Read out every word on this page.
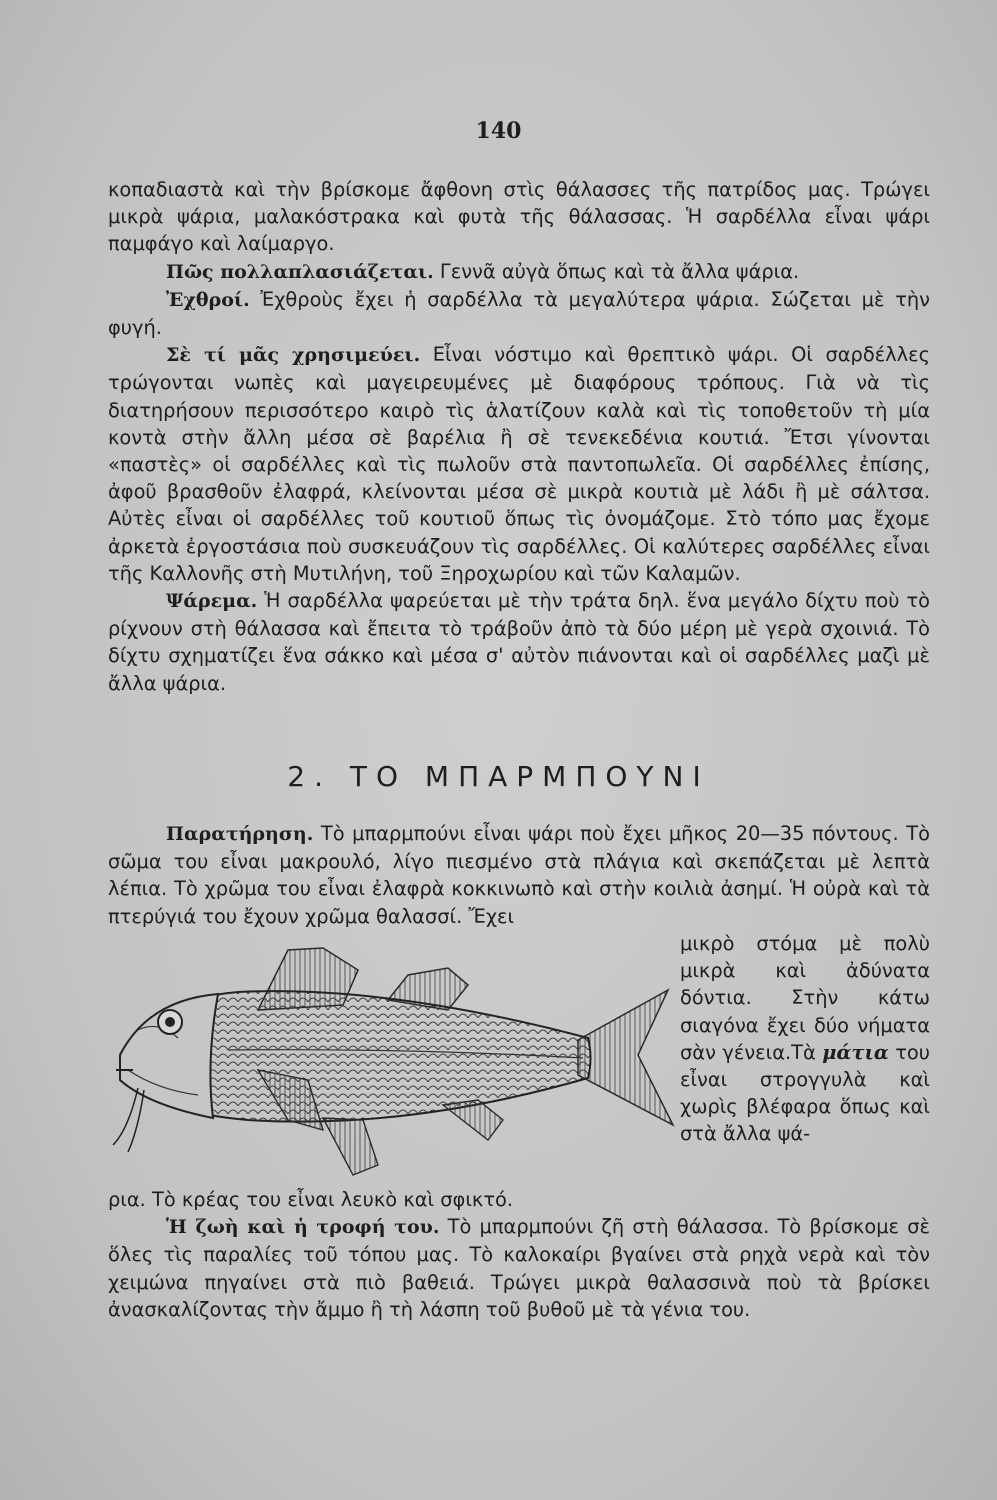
140

κοπαδιαστὰ καὶ τὴν βρίσκομε ἄφθονη στὶς θάλασσες τῆς πατρίδος μας. Τρώγει μικρὰ ψάρια, μαλακόστρακα καὶ φυτὰ τῆς θάλασσας. Ἡ σαρδέλλα εἶναι ψάρι παμφάγο καὶ λαίμαργο.

Πῶς πολλαπλασιάζεται. Γεννᾶ αὐγὰ ὅπως καὶ τὰ ἄλλα ψάρια.

Ἐχθροί. Ἐχθροὺς ἔχει ἡ σαρδέλλα τὰ μεγαλύτερα ψάρια. Σώζεται μὲ τὴν φυγή.

Σὲ τί μᾶς χρησιμεύει. Εἶναι νόστιμο καὶ θρεπτικὸ ψάρι. Οἱ σαρδέλλες τρώγονται νωπὲς καὶ μαγειρευμένες μὲ διαφόρους τρόπους. Γιὰ νὰ τὶς διατηρήσουν περισσότερο καιρὸ τὶς ἁλατίζουν καλὰ καὶ τὶς τοποθετοῦν τὴ μία κοντὰ στὴν ἄλλη μέσα σὲ βαρέλια ἢ σὲ τενεκεδένια κουτιά. Ἔτσι γίνονται «παστὲς» οἱ σαρδέλλες καὶ τὶς πωλοῦν στὰ παντοπωλεῖα. Οἱ σαρδέλλες ἐπίσης, ἀφοῦ βρασθοῦν ἐλαφρά, κλείνονται μέσα σὲ μικρὰ κουτιὰ μὲ λάδι ἢ μὲ σάλτσα. Αὐτὲς εἶναι οἱ σαρδέλλες τοῦ κουτιοῦ ὅπως τὶς ὀνομάζομε. Στὸ τόπο μας ἔχομε ἀρκετὰ ἐργοστάσια ποὺ συσκευάζουν τὶς σαρδέλλες. Οἱ καλύτερες σαρδέλλες εἶναι τῆς Καλλονῆς στὴ Μυτιλήνη, τοῦ Ξηροχωρίου καὶ τῶν Καλαμῶν.

Ψάρεμα. Ἡ σαρδέλλα ψαρεύεται μὲ τὴν τράτα δηλ. ἕνα μεγάλο δίχτυ ποὺ τὸ ρίχνουν στὴ θάλασσα καὶ ἔπειτα τὸ τράβοῦν ἀπὸ τὰ δύο μέρη μὲ γερὰ σχοινιά. Τὸ δίχτυ σχηματίζει ἕνα σάκκο καὶ μέσα σ' αὐτὸν πιάνονται καὶ οἱ σαρδέλλες μαζὶ μὲ ἄλλα ψάρια.

2. ΤΟ ΜΠΑΡΜΠΟΥΝΙ

Παρατήρηση. Τὸ μπαρμπούνι εἶναι ψάρι ποὺ ἔχει μῆκος 20—35 πόντους. Τὸ σῶμα του εἶναι μακρουλό, λίγο πιεσμένο στὰ πλάγια καὶ σκεπάζεται μὲ λεπτὰ λέπια. Τὸ χρῶμα του εἶναι ἐλαφρὰ κοκκινωπὸ καὶ στὴν κοιλιὰ ἀσημί. Ἡ οὐρὰ καὶ τὰ πτερύγιά του ἔχουν χρῶμα θαλασσί. Ἔχει

μικρὸ στόμα μὲ πολὺ μικρὰ καὶ ἀδύνατα δόντια. Στὴν κάτω σιαγόνα ἔχει δύο νήματα σὰν γένεια.Τὰ μάτια του εἶναι στρογγυλὰ καὶ χωρὶς βλέφαρα ὅπως καὶ στὰ ἄλλα ψά-

ρια. Τὸ κρέας του εἶναι λευκὸ καὶ σφικτό.

Ἡ ζωὴ καὶ ἡ τροφή του. Τὸ μπαρμπούνι ζῆ στὴ θάλασσα. Τὸ βρίσκομε σὲ ὅλες τὶς παραλίες τοῦ τόπου μας. Τὸ καλοκαίρι βγαίνει στὰ ρηχὰ νερὰ καὶ τὸν χειμώνα πηγαίνει στὰ πιὸ βαθειά. Τρώγει μικρὰ θαλασσινὰ ποὺ τὰ βρίσκει ἀνασκαλίζοντας τὴν ἄμμο ἢ τὴ λάσπη τοῦ βυθοῦ μὲ τὰ γένια του.
